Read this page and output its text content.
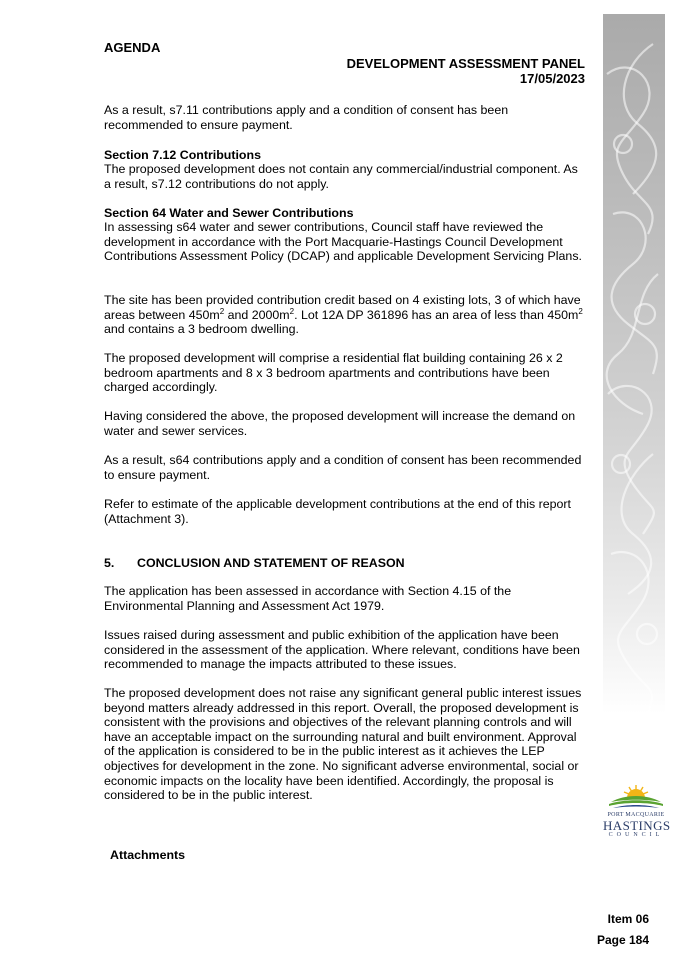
AGENDA
DEVELOPMENT ASSESSMENT PANEL
17/05/2023

As a result, s7.11 contributions apply and a condition of consent has been recommended to ensure payment.

Section 7.12 Contributions

The proposed development does not contain any commercial/industrial component. As a result, s7.12 contributions do not apply.

Section 64 Water and Sewer Contributions

In assessing s64 water and sewer contributions, Council staff have reviewed the development in accordance with the Port Macquarie-Hastings Council Development Contributions Assessment Policy (DCAP) and applicable Development Servicing Plans.

The site has been provided contribution credit based on 4 existing lots, 3 of which have areas between $450m^2$ and $2000m^2$. Lot 12A DP 361896 has an area of less than $450m^2$ and contains a 3 bedroom dwelling.

The proposed development will comprise a residential flat building containing 26 x 2 bedroom apartments and 8 x 3 bedroom apartments and contributions have been charged accordingly.

Having considered the above, the proposed development will increase the demand on water and sewer services.

As a result, s64 contributions apply and a condition of consent has been recommended to ensure payment.

Refer to estimate of the applicable development contributions at the end of this report (Attachment 3).

5. CONCLUSION AND STATEMENT OF REASON

The application has been assessed in accordance with Section 4.15 of the Environmental Planning and Assessment Act 1979.

Issues raised during assessment and public exhibition of the application have been considered in the assessment of the application. Where relevant, conditions have been recommended to manage the impacts attributed to these issues.

The proposed development does not raise any significant general public interest issues beyond matters already addressed in this report. Overall, the proposed development is consistent with the provisions and objectives of the relevant planning controls and will have an acceptable impact on the surrounding natural and built environment. Approval of the application is considered to be in the public interest as it achieves the LEP objectives for development in the zone. No significant adverse environmental, social or economic impacts on the locality have been identified. Accordingly, the proposal is considered to be in the public interest.

Attachments
PORT MACQUARIE
HASTINGS
COUNCIL
Item 06
Page 184
